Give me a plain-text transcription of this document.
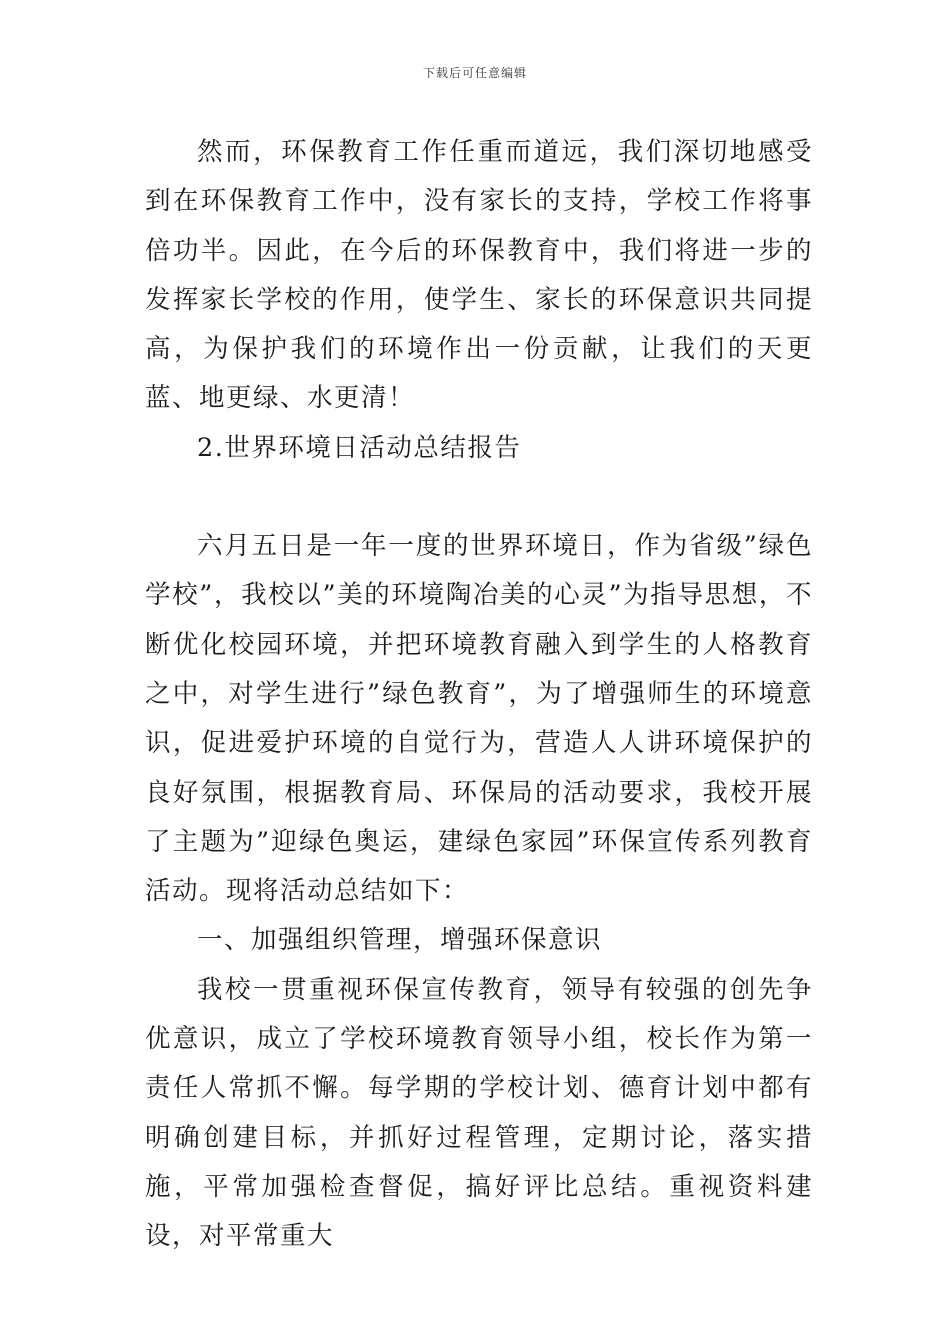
下载后可任意编辑

然而，环保教育工作任重而道远，我们深切地感受到在环保教育工作中，没有家长的支持，学校工作将事倍功半。因此，在今后的环保教育中，我们将进一步的发挥家长学校的作用，使学生、家长的环保意识共同提高，为保护我们的环境作出一份贡献，让我们的天更蓝、地更绿、水更清！

2.世界环境日活动总结报告

六月五日是一年一度的世界环境日，作为省级”绿色学校”，我校以”美的环境陶冶美的心灵”为指导思想，不断优化校园环境，并把环境教育融入到学生的人格教育之中，对学生进行”绿色教育”，为了增强师生的环境意识，促进爱护环境的自觉行为，营造人人讲环境保护的良好氛围，根据教育局、环保局的活动要求，我校开展了主题为”迎绿色奥运，建绿色家园”环保宣传系列教育活动。现将活动总结如下：

一、加强组织管理，增强环保意识

我校一贯重视环保宣传教育，领导有较强的创先争优意识，成立了学校环境教育领导小组，校长作为第一责任人常抓不懈。每学期的学校计划、德育计划中都有明确创建目标，并抓好过程管理，定期讨论，落实措施，平常加强检查督促，搞好评比总结。重视资料建设，对平常重大
